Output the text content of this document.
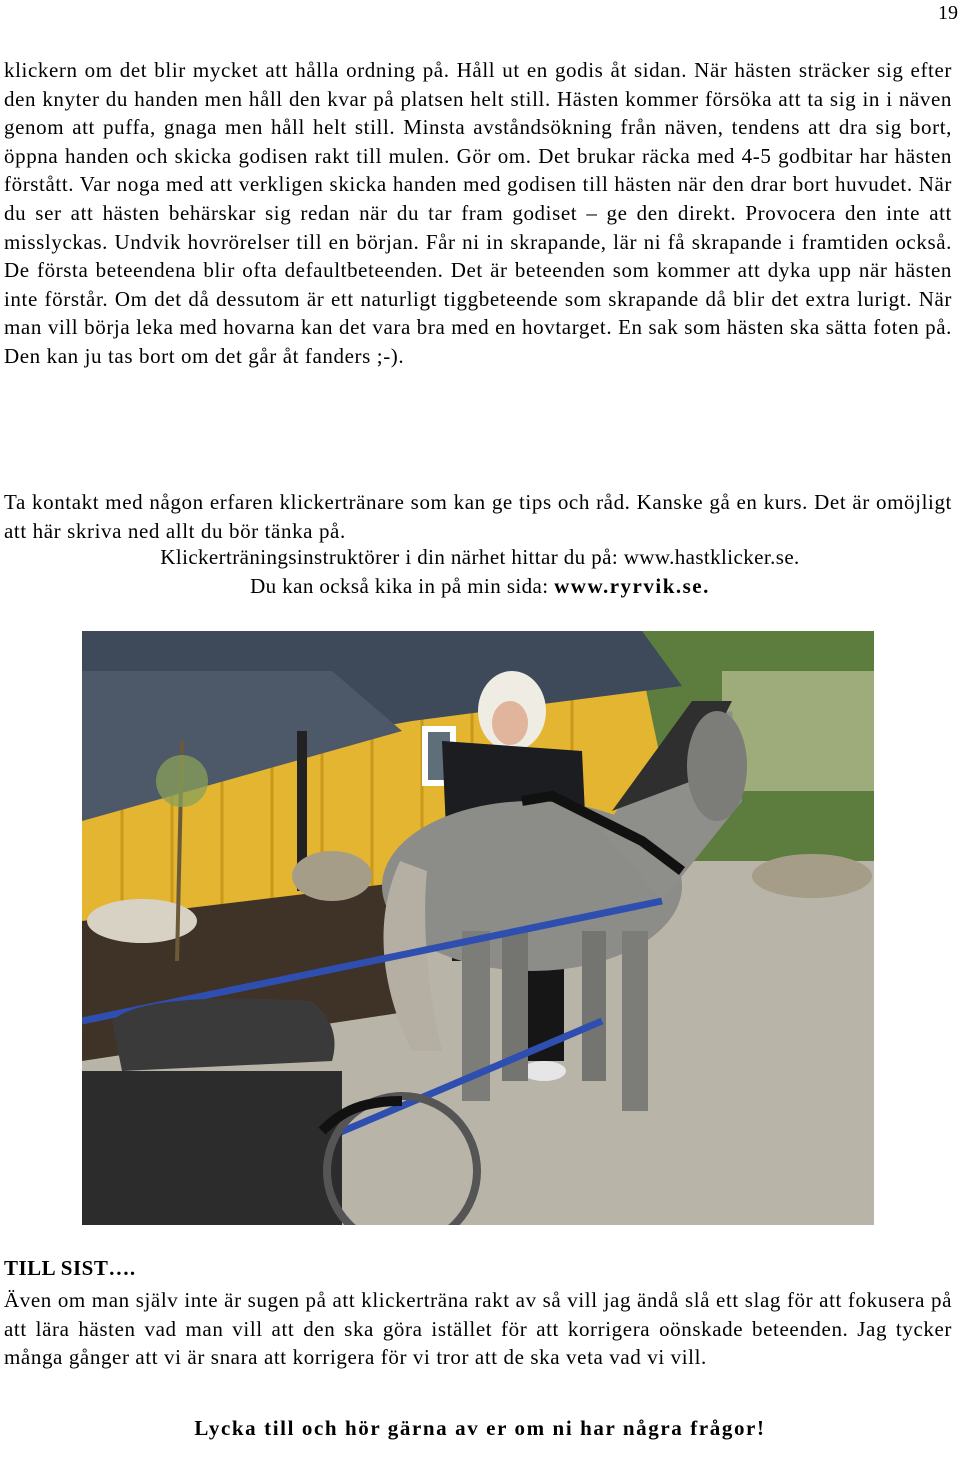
19

klickern om det blir mycket att hålla ordning på. Håll ut en godis åt sidan. När hästen sträcker sig efter den knyter du handen men håll den kvar på platsen helt still. Hästen kommer försöka att ta sig in i näven genom att puffa, gnaga men håll helt still. Minsta avståndsökning från näven, tendens att dra sig bort, öppna handen och skicka godisen rakt till mulen. Gör om. Det brukar räcka med 4-5 godbitar har hästen förstått. Var noga med att verkligen skicka handen med godisen till hästen när den drar bort huvudet. När du ser att hästen behärskar sig redan när du tar fram godiset – ge den direkt. Provocera den inte att misslyckas. Undvik hovrörelser till en början. Får ni in skrapande, lär ni få skrapande i framtiden också. De första beteendena blir ofta defaultbeteenden. Det är beteenden som kommer att dyka upp när hästen inte förstår. Om det då dessutom är ett naturligt tiggbeteende som skrapande då blir det extra lurigt. När man vill börja leka med hovarna kan det vara bra med en hovtarget. En sak som hästen ska sätta foten på. Den kan ju tas bort om det går åt fanders ;-).

Ta kontakt med någon erfaren klickertränare som kan ge tips och råd. Kanske gå en kurs. Det är omöjligt att här skriva ned allt du bör tänka på.

Klickerträningsinstruktörer i din närhet hittar du på: www.hastklicker.se.
Du kan också kika in på min sida: www.ryrvik.se.
TILL SIST….

Även om man själv inte är sugen på att klickerträna rakt av så vill jag ändå slå ett slag för att fokusera på att lära hästen vad man vill att den ska göra istället för att korrigera oönskade beteenden. Jag tycker många gånger att vi är snara att korrigera för vi tror att de ska veta vad vi vill.

Lycka till och hör gärna av er om ni har några frågor!
